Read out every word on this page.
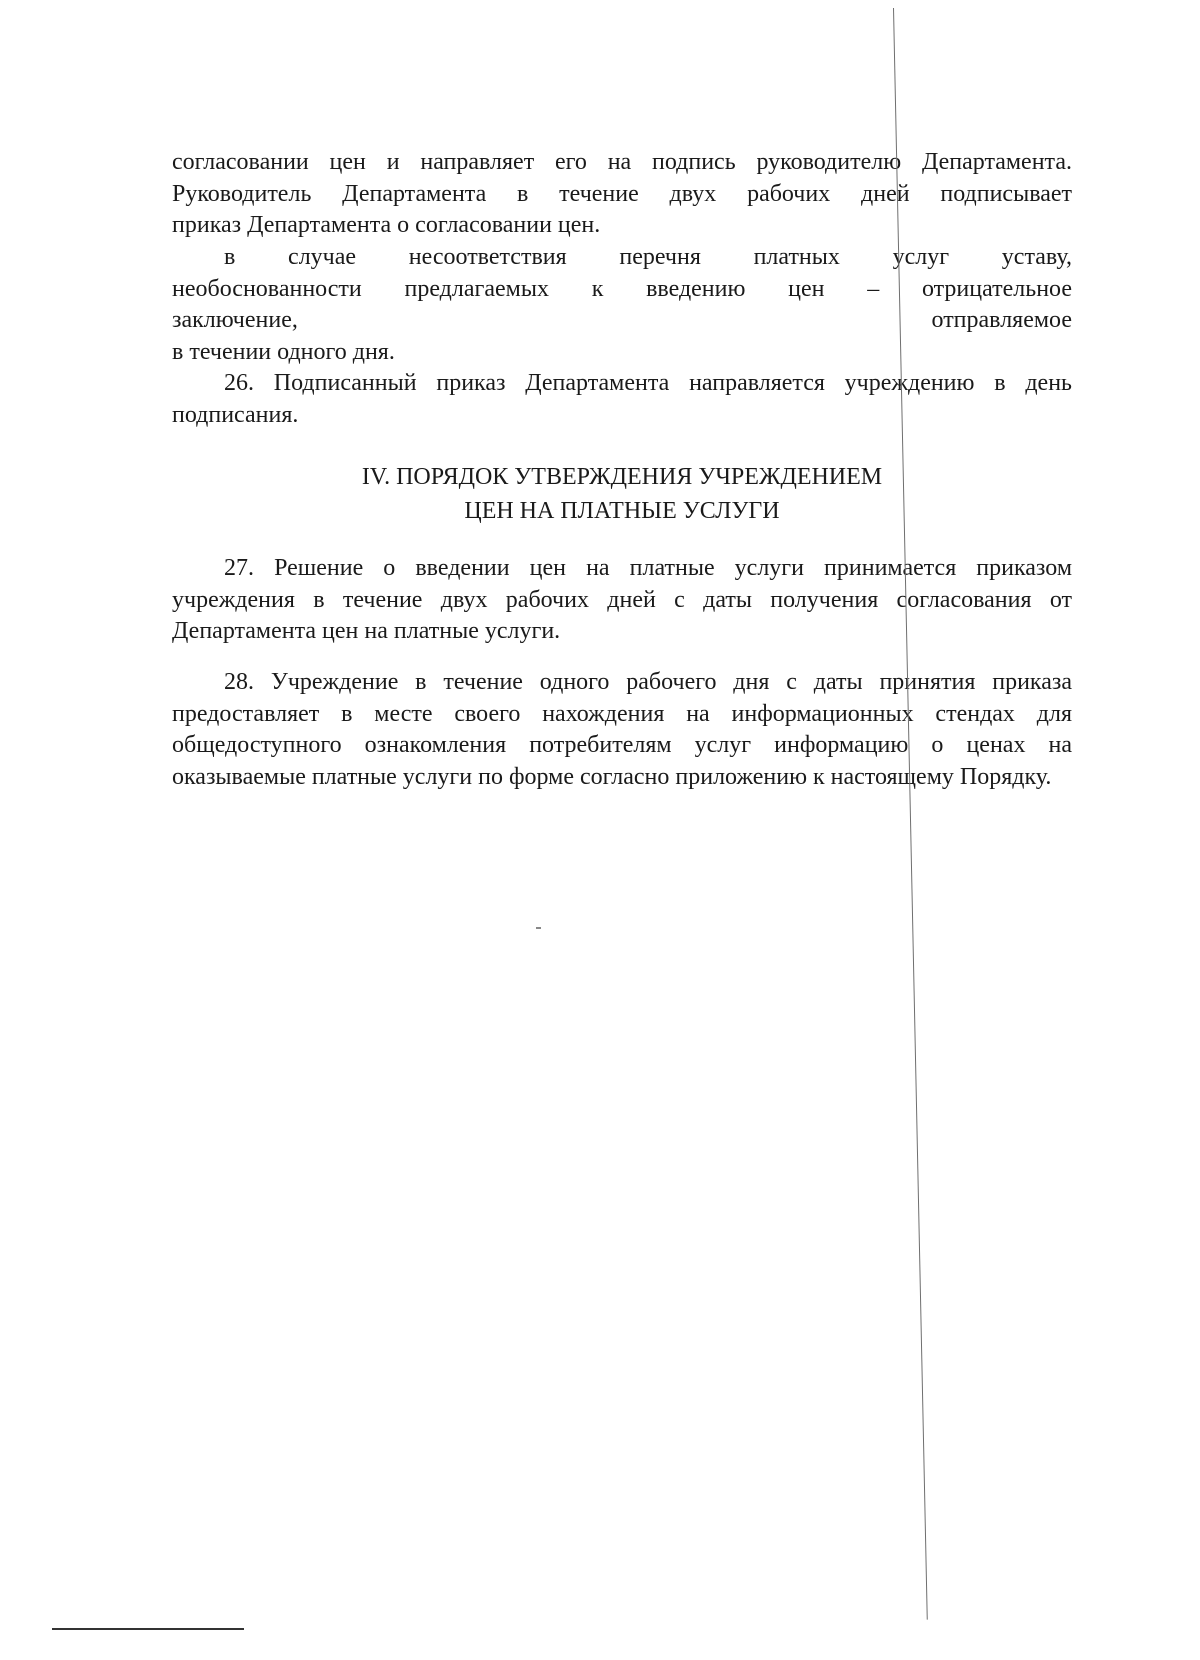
согласовании цен и направляет его на подпись руководителю Департамента.
Руководитель Департамента в течение двух рабочих дней подписывает
приказ Департамента о согласовании цен.
в случае несоответствия перечня платных услуг уставу,
необоснованности предлагаемых к введению цен – отрицательное
заключение, отправляемое
в течении одного дня.

26. Подписанный приказ Департамента направляется учреждению в день подписания.

IV. ПОРЯДОК УТВЕРЖДЕНИЯ УЧРЕЖДЕНИЕМ
ЦЕН НА ПЛАТНЫЕ УСЛУГИ

27. Решение о введении цен на платные услуги принимается приказом учреждения в течение двух рабочих дней с даты получения согласования от Департамента цен на платные услуги.

28. Учреждение в течение одного рабочего дня с даты принятия приказа предоставляет в месте своего нахождения на информационных стендах для общедоступного ознакомления потребителям услуг информацию о ценах на оказываемые платные услуги по форме согласно приложению к настоящему Порядку.
